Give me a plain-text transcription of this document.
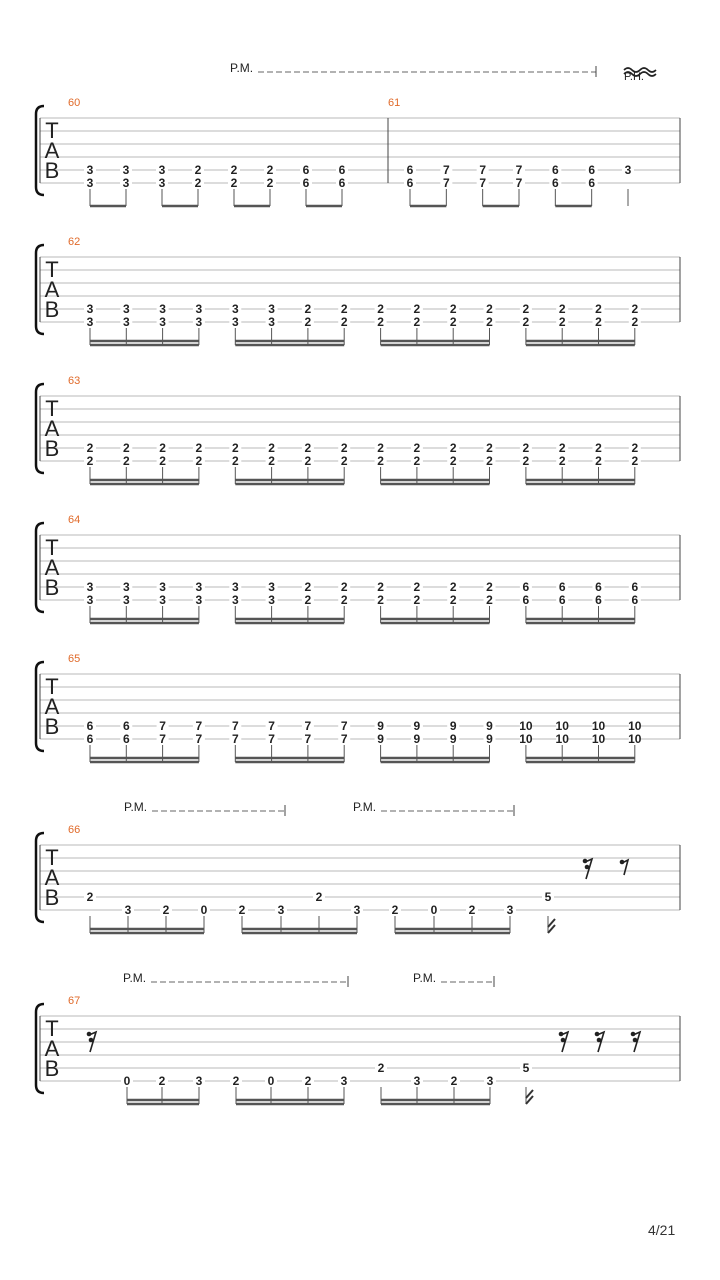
P.M.
P.H.
T
A
B
60
3
3
3
3
3
3
2
2
2
2
2
2
6
6
6
6
61
6
6
7
7
7
7
7
7
6
6
6
6
3
T
A
B
62
3
3
3
3
3
3
3
3
3
3
3
3
2
2
2
2
2
2
2
2
2
2
2
2
2
2
2
2
2
2
2
2
T
A
B
63
2
2
2
2
2
2
2
2
2
2
2
2
2
2
2
2
2
2
2
2
2
2
2
2
2
2
2
2
2
2
2
2
T
A
B
64
3
3
3
3
3
3
3
3
3
3
3
3
2
2
2
2
2
2
2
2
2
2
2
2
6
6
6
6
6
6
6
6
T
A
B
65
6
6
6
6
7
7
7
7
7
7
7
7
7
7
7
7
9
9
9
9
9
9
9
9
10
10
10
10
10
10
10
10
T
A
B
66
2
3	2	0	2	3
2
3	2	0	2	3
5
P.M.	P.M.
T
A
B
67
0 2	3	2 0	2 3
2
3	2 3
5
P.M.	P.M.
4/21
